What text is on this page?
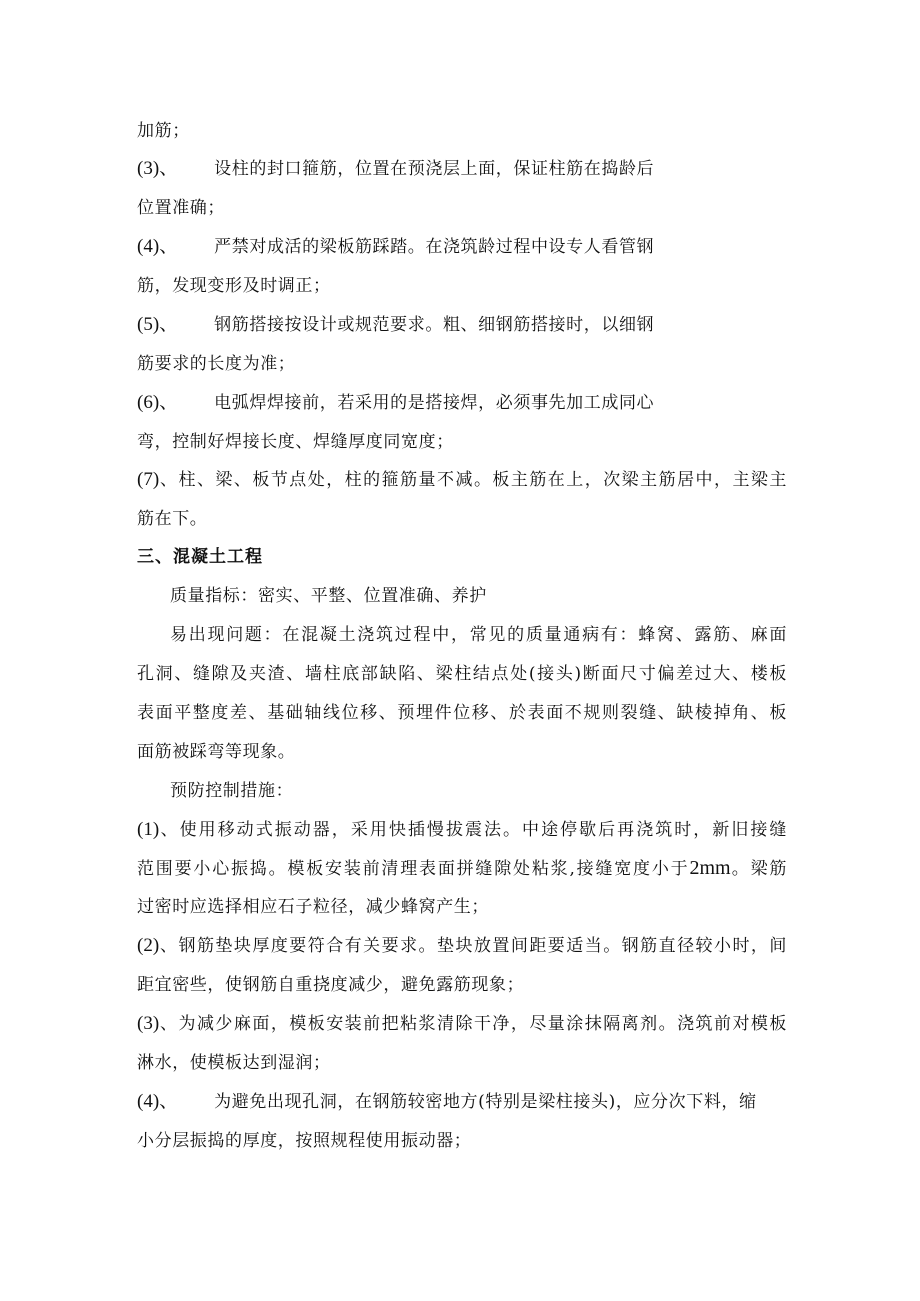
加筋；
(3)、 设柱的封口箍筋，位置在预浇层上面，保证柱筋在捣龄后
位置准确；
(4)、 严禁对成活的梁板筋踩踏。在浇筑龄过程中设专人看管钢
筋，发现变形及时调正；
(5)、 钢筋搭接按设计或规范要求。粗、细钢筋搭接时，以细钢
筋要求的长度为准；
(6)、 电弧焊焊接前，若采用的是搭接焊，必须事先加工成同心
弯，控制好焊接长度、焊缝厚度同宽度；
(7)、柱、梁、板节点处，柱的箍筋量不减。板主筋在上，次梁主筋居中，主梁主
筋在下。
三、混凝土工程
质量指标：密实、平整、位置准确、养护
易出现问题：在混凝土浇筑过程中，常见的质量通病有：蜂窝、露筋、麻面
孔洞、缝隙及夹渣、墙柱底部缺陷、梁柱结点处(接头)断面尺寸偏差过大、楼板
表面平整度差、基础轴线位移、预埋件位移、於表面不规则裂缝、缺棱掉角、板
面筋被踩弯等现象。
预防控制措施：
(1)、使用移动式振动器，采用快插慢拔震法。中途停歇后再浇筑时，新旧接缝
范围要小心振捣。模板安装前清理表面拼缝隙处粘浆,接缝宽度小于2mm。梁筋
过密时应选择相应石子粒径，减少蜂窝产生；
(2)、钢筋垫块厚度要符合有关要求。垫块放置间距要适当。钢筋直径较小时，间
距宜密些，使钢筋自重挠度减少，避免露筋现象；
(3)、为减少麻面，模板安装前把粘浆清除干净，尽量涂抹隔离剂。浇筑前对模板
淋水，使模板达到湿润；
(4)、 为避免出现孔洞，在钢筋较密地方(特别是梁柱接头)，应分次下料，缩
小分层振捣的厚度，按照规程使用振动器；
